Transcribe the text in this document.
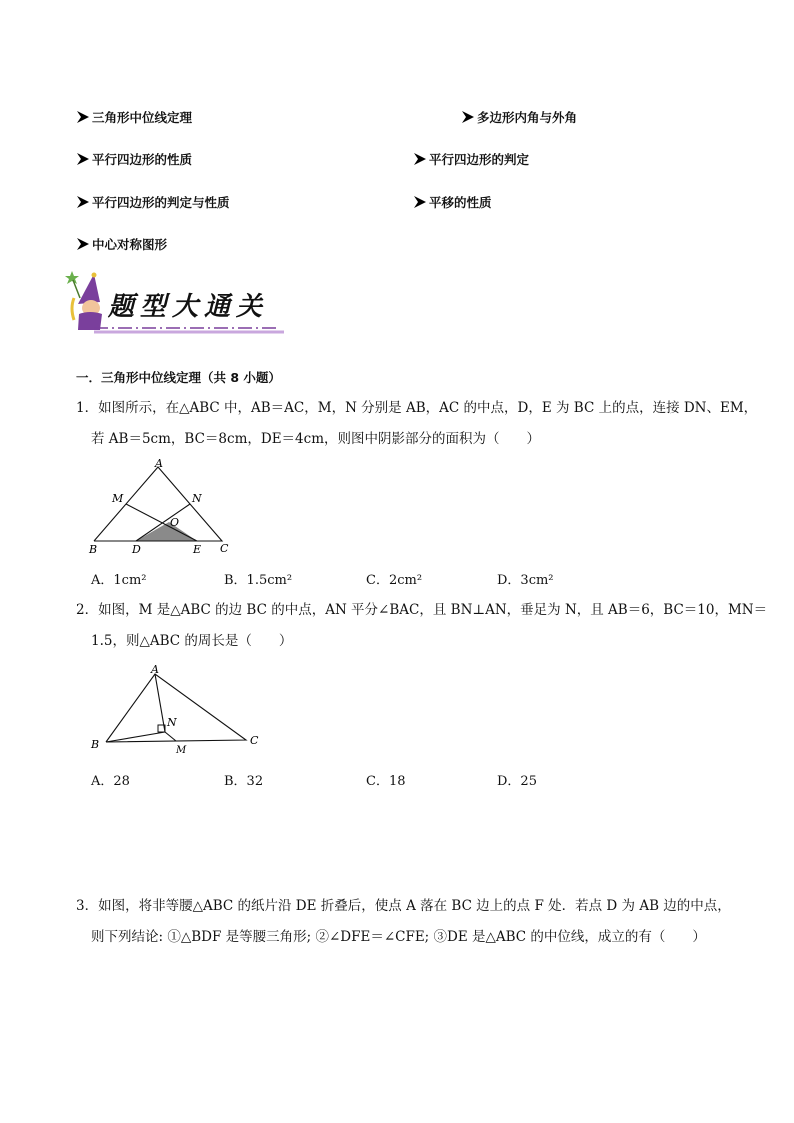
三角形中位线定理	多边形内角与外角
平行四边形的性质	平行四边形的判定
平行四边形的判定与性质	平移的性质
中心对称图形
题型大通关
一．三角形中位线定理（共 8 小题）
1．如图所示，在△ABC 中，AB＝AC，M，N 分别是 AB，AC 的中点，D，E 为 BC 上的点，连接 DN、EM，
若 AB＝5cm，BC＝8cm，DE＝4cm，则图中阴影部分的面积为（　　）
A
M	N
O
B	D	E C
A．1cm²	B．1.5cm²	C．2cm²	D．3cm²
2．如图，M 是△ABC 的边 BC 的中点，AN 平分∠BAC，且 BN⊥AN，垂足为 N，且 AB＝6，BC＝10，MN＝
1.5，则△ABC 的周长是（　　）
A
N
B	M
C
A．28	B．32	C．18	D．25
3．如图，将非等腰△ABC 的纸片沿 DE 折叠后，使点 A 落在 BC 边上的点 F 处．若点 D 为 AB 边的中点，
则下列结论: ①△BDF 是等腰三角形; ②∠DFE＝∠CFE; ③DE 是△ABC 的中位线，成立的有（　　）
